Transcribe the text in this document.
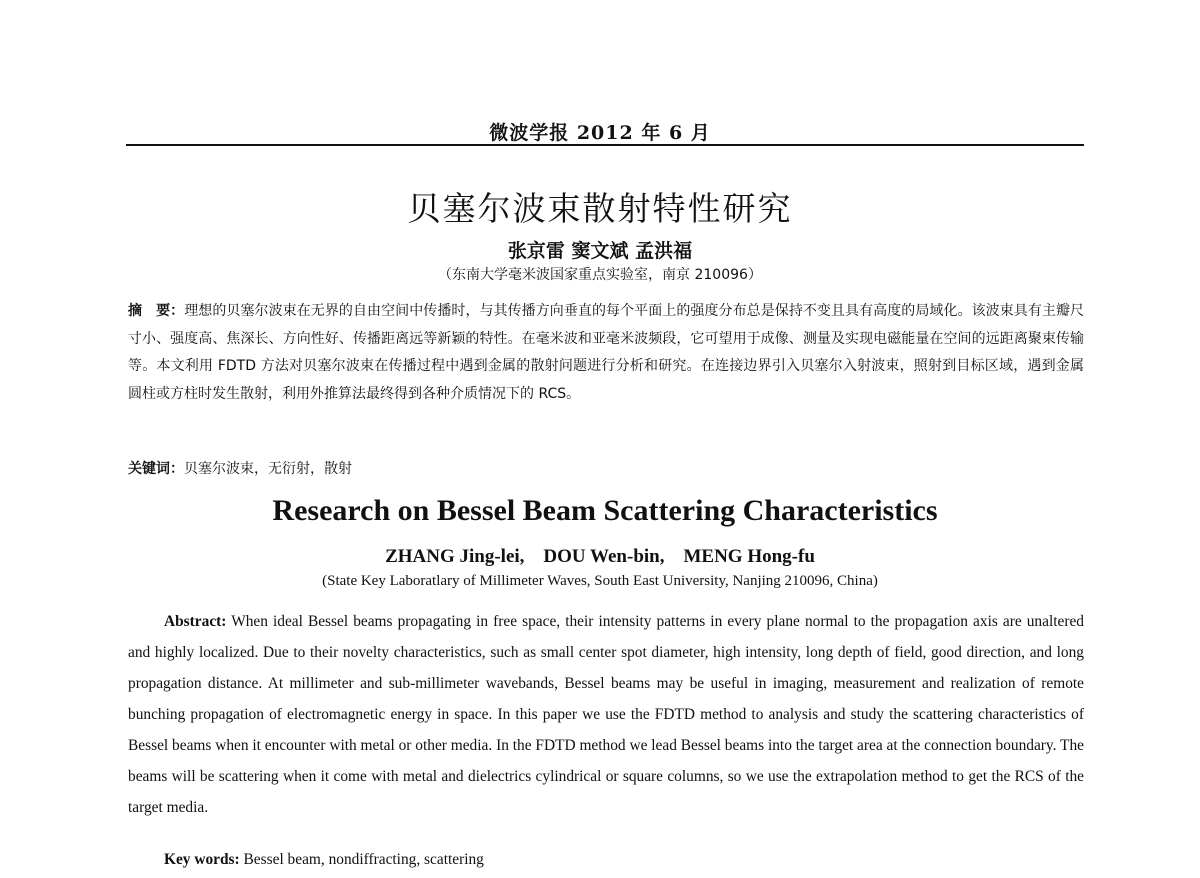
微波学报 2012 年 6 月
贝塞尔波束散射特性研究
张京雷 窦文斌 孟洪福
（东南大学毫米波国家重点实验室，南京 210096）
摘　要：理想的贝塞尔波束在无界的自由空间中传播时，与其传播方向垂直的每个平面上的强度分布总是保持不变且具有高度的局域化。该波束具有主瓣尺寸小、强度高、焦深长、方向性好、传播距离远等新颖的特性。在毫米波和亚毫米波频段，它可望用于成像、测量及实现电磁能量在空间的远距离聚束传输等。本文利用 FDTD 方法对贝塞尔波束在传播过程中遇到金属的散射问题进行分析和研究。在连接边界引入贝塞尔入射波束，照射到目标区域，遇到金属圆柱或方柱时发生散射，利用外推算法最终得到各种介质情况下的 RCS。
关键词：贝塞尔波束，无衍射，散射
Research on Bessel Beam Scattering Characteristics
ZHANG Jing-lei,    DOU Wen-bin,    MENG Hong-fu
(State Key Laboratlary of Millimeter Waves, South East University, Nanjing 210096, China)
Abstract: When ideal Bessel beams propagating in free space, their intensity patterns in every plane normal to the propagation axis are unaltered and highly localized. Due to their novelty characteristics, such as small center spot diameter, high intensity, long depth of field, good direction, and long propagation distance. At millimeter and sub-millimeter wavebands, Bessel beams may be useful in imaging, measurement and realization of remote bunching propagation of electromagnetic energy in space. In this paper we use the FDTD method to analysis and study the scattering characteristics of Bessel beams when it encounter with metal or other media. In the FDTD method we lead Bessel beams into the target area at the connection boundary. The beams will be scattering when it come with metal and dielectrics cylindrical or square columns, so we use the extrapolation method to get the RCS of the target media.
Key words: Bessel beam, nondiffracting, scattering
